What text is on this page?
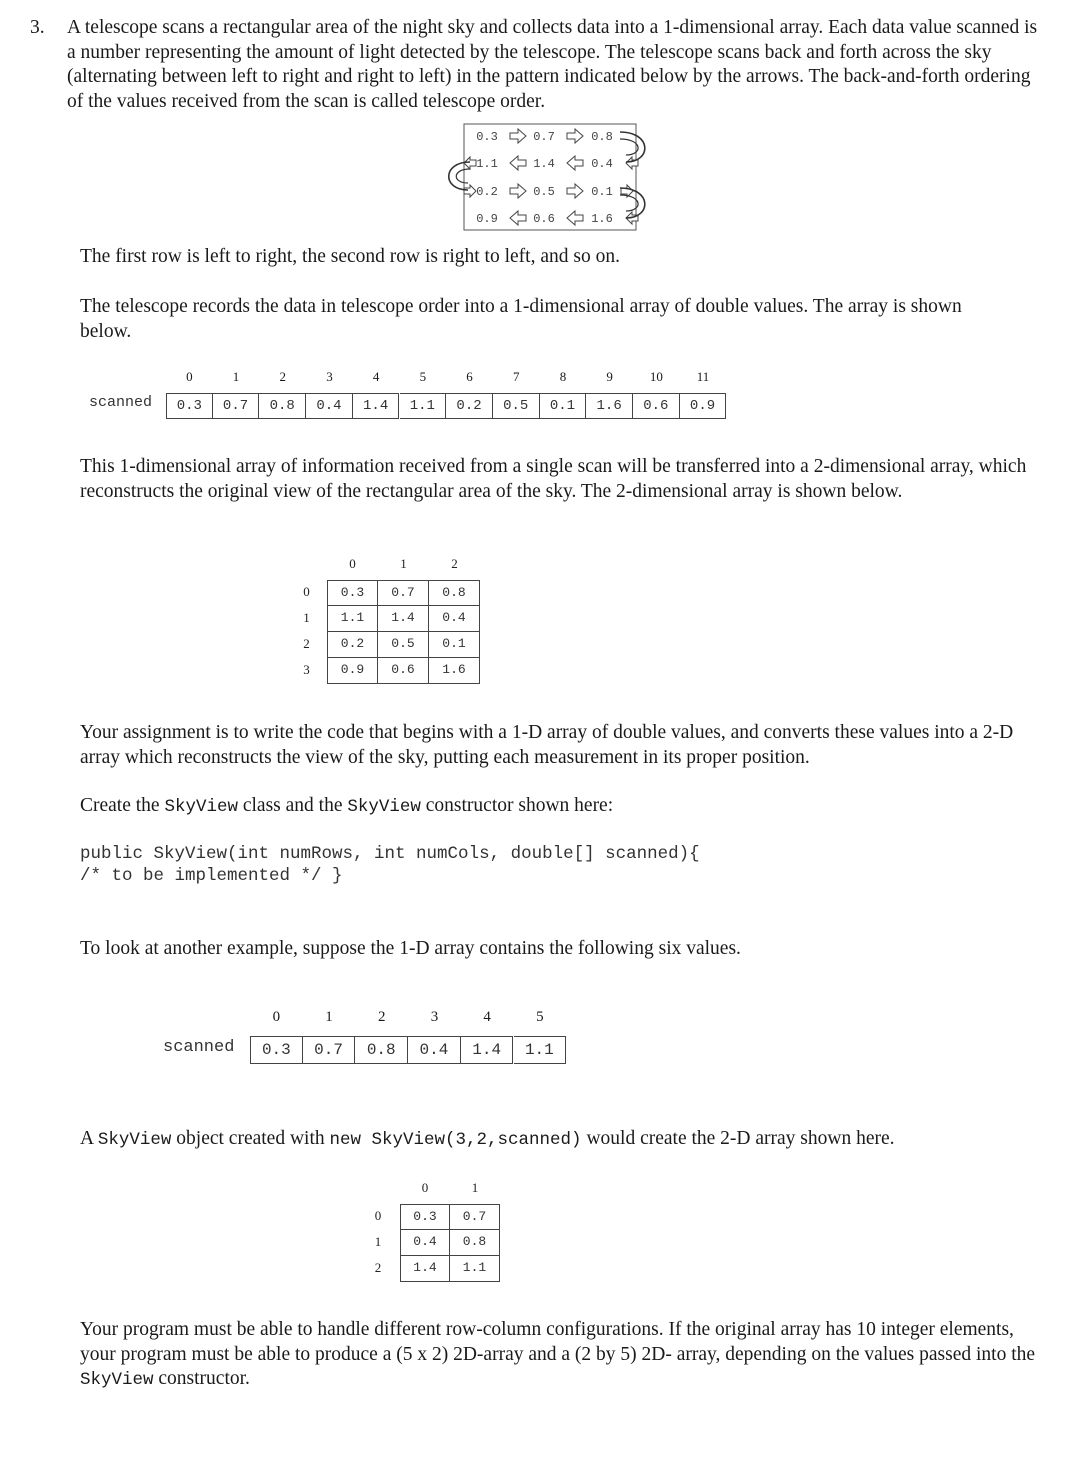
3. A telescope scans a rectangular area of the night sky and collects data into a 1-dimensional array. Each data value scanned is a number representing the amount of light detected by the telescope. The telescope scans back and forth across the sky (alternating between left to right and right to left) in the pattern indicated below by the arrows. The back-and-forth ordering of the values received from the scan is called telescope order.
0.3	0.7	0.8
1.1	1.4	0.4
0.2	0.5	0.1
0.9	0.6	1.6
The first row is left to right, the second row is right to left, and so on.
The telescope records the data in telescope order into a 1-dimensional array of double values. The array is shown below.
0	1	2	3	4	5	6	7	8	9	10	11
scanned	0.3	0.7	0.8	0.4	1.4	1.1	0.2	0.5	0.1	1.6	0.6	0.9
This 1-dimensional array of information received from a single scan will be transferred into a 2-dimensional array, which reconstructs the original view of the rectangular area of the sky. The 2-dimensional array is shown below.
0	1	2
0	0.3	0.7	0.8
1	1.1	1.4	0.4
2	0.2	0.5	0.1
3	0.9	0.6	1.6
Your assignment is to write the code that begins with a 1-D array of double values, and converts these values into a 2-D array which reconstructs the view of the sky, putting each measurement in its proper position.
Create the SkyView class and the SkyView constructor shown here:
public SkyView(int numRows, int numCols, double[] scanned){
/* to be implemented */ }
To look at another example, suppose the 1-D array contains the following six values.
0	1	2	3	4	5
scanned	0.3	0.7	0.8	0.4	1.4	1.1
A SkyView object created with new SkyView(3,2,scanned) would create the 2-D array shown here.
0	1
0	0.3	0.7
1	0.4	0.8
2	1.4	1.1
Your program must be able to handle different row-column configurations. If the original array has 10 integer elements, your program must be able to produce a (5 x 2) 2D-array and a (2 by 5) 2D- array, depending on the values passed into the SkyView constructor.
